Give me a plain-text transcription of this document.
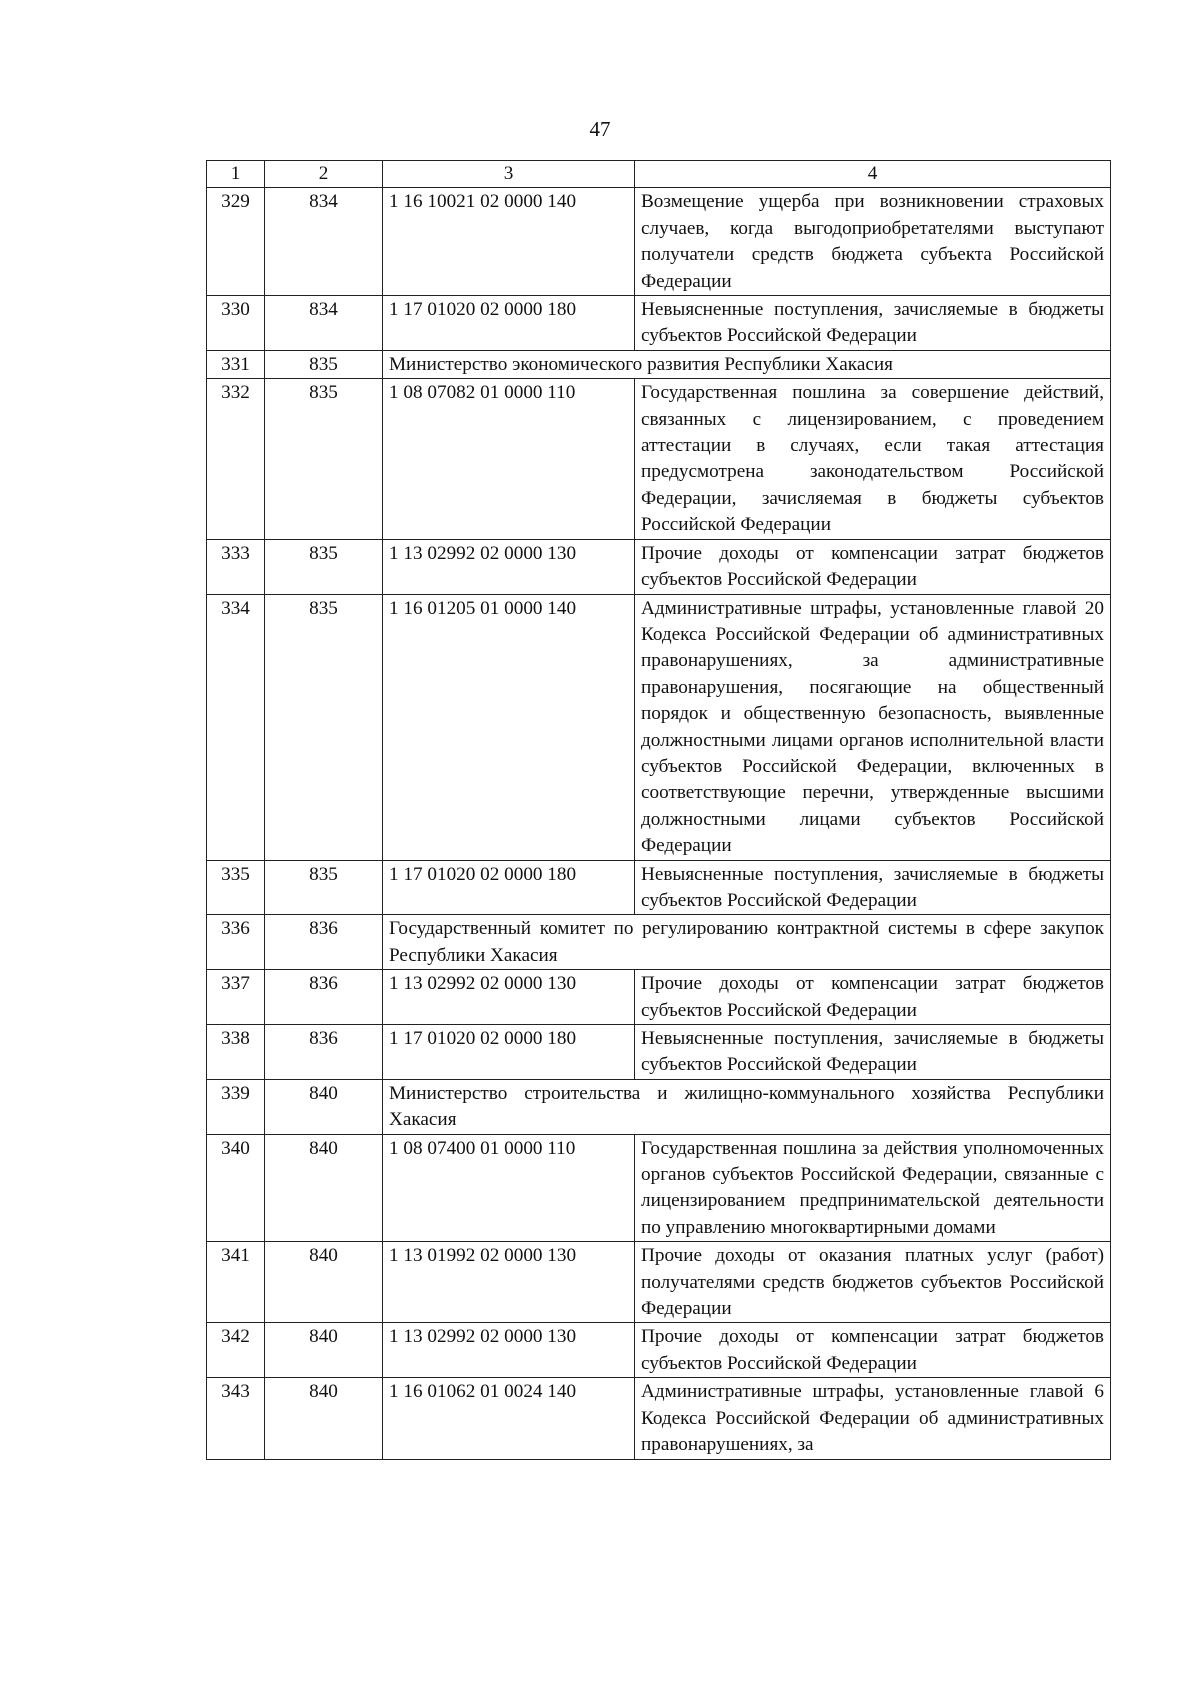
47
1	2	3	4
329	834	1 16 10021 02 0000 140	Возмещение ущерба при возникновении страховых случаев, когда выгодоприобретателями выступают получатели средств бюджета субъекта Российской Федерации
330	834	1 17 01020 02 0000 180	Невыясненные поступления, зачисляемые в бюджеты субъектов Российской Федерации
331	835	Министерство экономического развития Республики Хакасия	
332	835	1 08 07082 01 0000 110	Государственная пошлина за совершение действий, связанных с лицензированием, с проведением аттестации в случаях, если такая аттестация предусмотрена законодательством Российской Федерации, зачисляемая в бюджеты субъектов Российской Федерации
333	835	1 13 02992 02 0000 130	Прочие доходы от компенсации затрат бюджетов субъектов Российской Федерации
334	835	1 16 01205 01 0000 140	Административные штрафы, установленные главой 20 Кодекса Российской Федерации об административных правонарушениях, за административные правонарушения, посягающие на общественный порядок и общественную безопасность, выявленные должностными лицами органов исполнительной власти субъектов Российской Федерации, включенных в соответствующие перечни, утвержденные высшими должностными лицами субъектов Российской Федерации
335	835	1 17 01020 02 0000 180	Невыясненные поступления, зачисляемые в бюджеты субъектов Российской Федерации
336	836	Государственный комитет по регулированию контрактной системы в сфере закупок Республики Хакасия	
337	836	1 13 02992 02 0000 130	Прочие доходы от компенсации затрат бюджетов субъектов Российской Федерации
338	836	1 17 01020 02 0000 180	Невыясненные поступления, зачисляемые в бюджеты субъектов Российской Федерации
339	840	Министерство строительства и жилищно-коммунального хозяйства Республики Хакасия	
340	840	1 08 07400 01 0000 110	Государственная пошлина за действия уполномоченных органов субъектов Российской Федерации, связанные с лицензированием предпринимательской деятельности по управлению многоквартирными домами
341	840	1 13 01992 02 0000 130	Прочие доходы от оказания платных услуг (работ) получателями средств бюджетов субъектов Российской Федерации
342	840	1 13 02992 02 0000 130	Прочие доходы от компенсации затрат бюджетов субъектов Российской Федерации
343	840	1 16 01062 01 0024 140	Административные штрафы, установленные главой 6 Кодекса Российской Федерации об административных правонарушениях, за
